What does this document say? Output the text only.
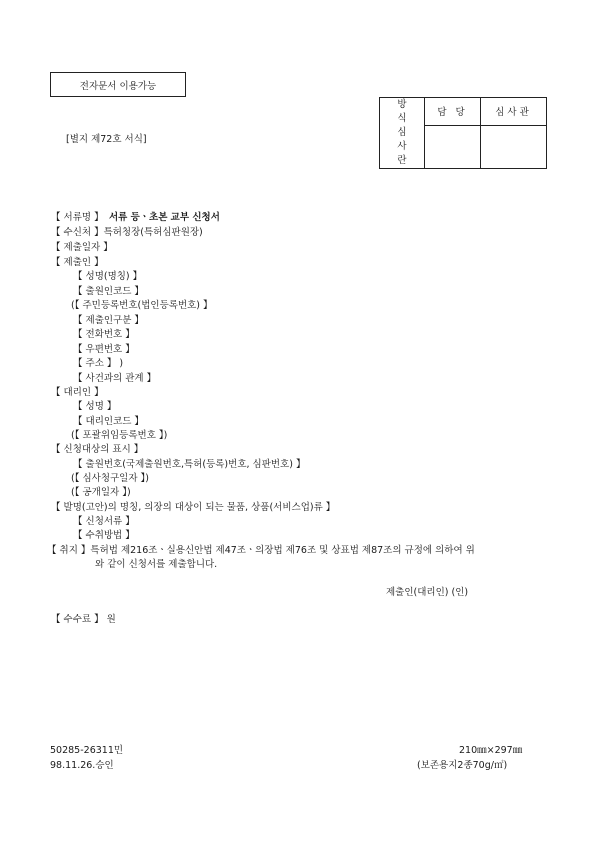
전자문서 이용가능
[별지 제72호 서식]
방
식
심
사
란	담 당	심사관

【 서류명 】
【 수신처 】특허청장(특허심판원장)
【 제출일자 】
【 제출인 】
【 성명(명칭) 】
【 출원인코드 】
(【 주민등록번호(법인등록번호) 】
【 제출인구분 】
【 전화번호 】
【 우편번호 】
【 주소 】 )
【 사건과의 관계 】
【 대리인 】
【 성명 】
【 대리인코드 】
(【 포괄위임등록번호 】)
【 신청대상의 표시 】
【 출원번호(국제출원번호,특허(등록)번호, 심판번호) 】
(【 심사청구일자 】)
(【 공개일자 】)
【 발명(고안)의 명칭, 의장의 대상이 되는 물품, 상품(서비스업)류 】
【 신청서류 】
【 수취방법 】
【 취지 】특허법 제216조ㆍ실용신안법 제47조ㆍ의장법 제76조 및 상표법 제87조의 규정에 의하여 위
와 같이 신청서를 제출합니다.
제출인(대리인) (인)
【 수수료 】 원
50285-26311민
98.11.26.승인
210㎜×297㎜
(보존용지2종70g/㎡)
서류 등ㆍ초본 교부 신청서
